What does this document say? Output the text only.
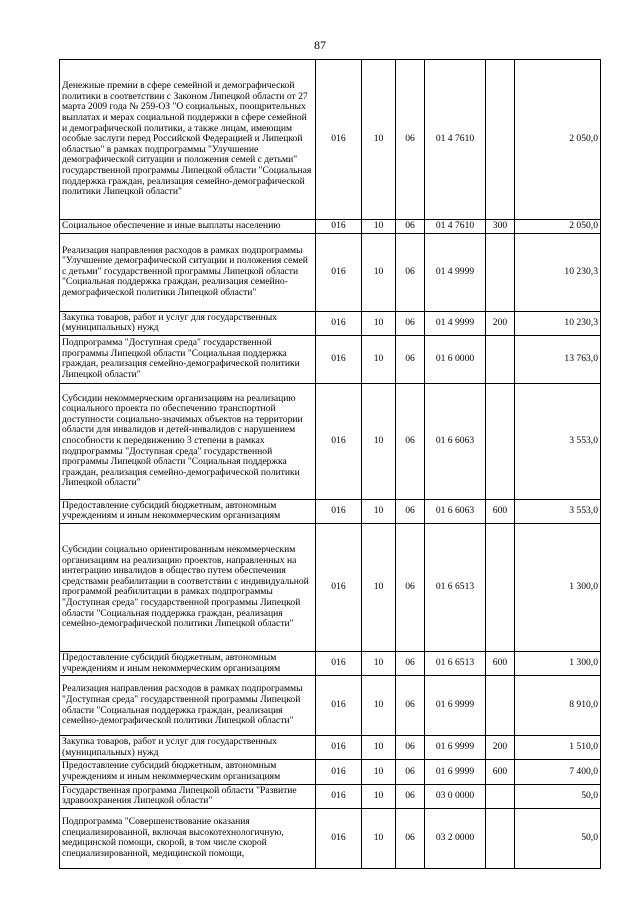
87
Денежные премии в сфере семейной и демографической политики в соответствии с Законом Липецкой области от 27 марта 2009 года № 259-ОЗ "О социальных, поощрительных выплатах и мерах социальной поддержки в сфере семейной и демографической политики, а также лицам, имеющим особые заслуги перед Российской Федерацией и Липецкой областью" в рамках подпрограммы "Улучшение демографической ситуации и положения семей с детьми" государственной программы Липецкой области "Социальная поддержка граждан, реализация семейно-демографической политики Липецкой области"	016	10	06	01 4 7610		2 050,0
Социальное обеспечение и иные выплаты населению	016	10	06	01 4 7610	300	2 050,0
Реализация направления расходов в рамках подпрограммы "Улучшение демографической ситуации и положения семей с детьми" государственной программы Липецкой области "Социальная поддержка граждан, реализация семейно-демографической политики Липецкой области"	016	10	06	01 4 9999		10 230,3
Закупка товаров, работ и услуг для государственных (муниципальных) нужд	016	10	06	01 4 9999	200	10 230,3
Подпрограмма "Доступная среда" государственной программы Липецкой области "Социальная поддержка граждан, реализация семейно-демографической политики Липецкой области"	016	10	06	01 6 0000		13 763,0
Субсидии некоммерческим организациям на реализацию социального проекта по обеспечению транспортной доступности социально-значимых объектов на территории области для инвалидов и детей-инвалидов с нарушением способности к передвижению 3 степени в рамках подпрограммы "Доступная среда" государственной программы Липецкой области "Социальная поддержка граждан, реализация семейно-демографической политики Липецкой области"	016	10	06	01 6 6063		3 553,0
Предоставление субсидий бюджетным, автономным учреждениям и иным некоммерческим организациям	016	10	06	01 6 6063	600	3 553,0
Субсидии социально ориентированным некоммерческим организациям на реализацию проектов, направленных на интеграцию инвалидов в общество путем обеспечения средствами реабилитации в соответствии с индивидуальной программой реабилитации в рамках подпрограммы "Доступная среда" государственной программы Липецкой области "Социальная поддержка граждан, реализация семейно-демографической политики Липецкой области"	016	10	06	01 6 6513		1 300,0
Предоставление субсидий бюджетным, автономным учреждениям и иным некоммерческим организациям	016	10	06	01 6 6513	600	1 300,0
Реализация направления расходов в рамках подпрограммы "Доступная среда" государственной программы Липецкой области "Социальная поддержка граждан, реализация семейно-демографической политики Липецкой области"	016	10	06	01 6 9999		8 910,0
Закупка товаров, работ и услуг для государственных (муниципальных) нужд	016	10	06	01 6 9999	200	1 510,0
Предоставление субсидий бюджетным, автономным учреждениям и иным некоммерческим организациям	016	10	06	01 6 9999	600	7 400,0
Государственная программа Липецкой области "Развитие здравоохранения Липецкой области"	016	10	06	03 0 0000		50,0
Подпрограмма "Совершенствование оказания специализированной, включая высокотехнологичную, медицинской помощи, скорой, в том числе скорой специализированной, медицинской помощи,	016	10	06	03 2 0000		50,0
